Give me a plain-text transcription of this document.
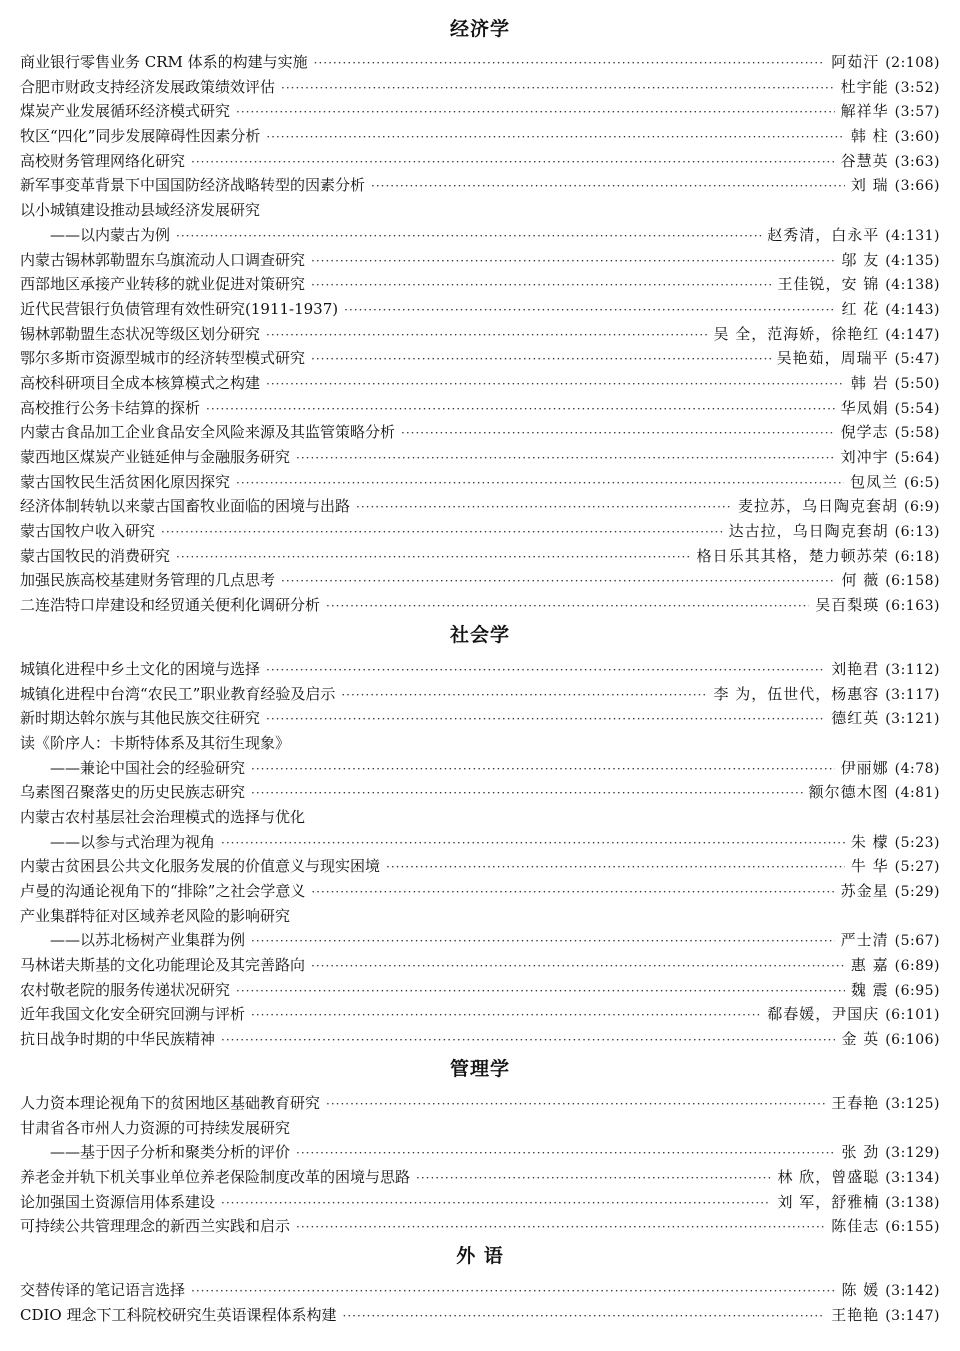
经济学
商业银行零售业务 CRM 体系的构建与实施 ·····	阿茹汗 (2:108)
合肥市财政支持经济发展政策绩效评估 ·····	杜宇能 (3:52)
煤炭产业发展循环经济模式研究 ·····	解祥华 (3:57)
牧区“四化”同步发展障碍性因素分析 ·····	韩 柱 (3:60)
高校财务管理网络化研究 ·····	谷慧英 (3:63)
新军事变革背景下中国国防经济战略转型的因素分析 ·····	刘 瑞 (3:66)
以小城镇建设推动县域经济发展研究
——以内蒙古为例 ·····	赵秀清，白永平 (4:131)
内蒙古锡林郭勒盟东乌旗流动人口调查研究 ·····	邬 友 (4:135)
西部地区承接产业转移的就业促进对策研究 ·····	王佳锐，安 锦 (4:138)
近代民营银行负债管理有效性研究(1911-1937) ·····	红 花 (4:143)
锡林郭勒盟生态状况等级区划分研究 ·····	吴 全，范海娇，徐艳红 (4:147)
鄂尔多斯市资源型城市的经济转型模式研究 ·····	吴艳茹，周瑞平 (5:47)
高校科研项目全成本核算模式之构建 ·····	韩 岩 (5:50)
高校推行公务卡结算的探析 ·····	华凤娟 (5:54)
内蒙古食品加工企业食品安全风险来源及其监管策略分析 ·····	倪学志 (5:58)
蒙西地区煤炭产业链延伸与金融服务研究 ·····	刘冲宇 (5:64)
蒙古国牧民生活贫困化原因探究 ·····	包凤兰 (6:5)
经济体制转轨以来蒙古国畜牧业面临的困境与出路 ·····	麦拉苏，乌日陶克套胡 (6:9)
蒙古国牧户收入研究 ·····	达古拉，乌日陶克套胡 (6:13)
蒙古国牧民的消费研究 ·····	格日乐其其格，楚力顿苏荣 (6:18)
加强民族高校基建财务管理的几点思考 ·····	何 薇 (6:158)
二连浩特口岸建设和经贸通关便利化调研分析 ·····	吴百梨瑛 (6:163)
社会学
城镇化进程中乡土文化的困境与选择 ·····	刘艳君 (3:112)
城镇化进程中台湾“农民工”职业教育经验及启示 ·····	李 为，伍世代，杨惠容 (3:117)
新时期达斡尔族与其他民族交往研究 ·····	德红英 (3:121)
读《阶序人：卡斯特体系及其衍生现象》
——兼论中国社会的经验研究 ·····	伊丽娜 (4:78)
乌素图召聚落史的历史民族志研究 ·····	额尔德木图 (4:81)
内蒙古农村基层社会治理模式的选择与优化
——以参与式治理为视角 ·····	朱 檬 (5:23)
内蒙古贫困县公共文化服务发展的价值意义与现实困境 ·····	牛 华 (5:27)
卢曼的沟通论视角下的“排除”之社会学意义 ·····	苏金星 (5:29)
产业集群特征对区域养老风险的影响研究
——以苏北杨树产业集群为例 ·····	严士清 (5:67)
马林诺夫斯基的文化功能理论及其完善路向 ·····	惠 嘉 (6:89)
农村敬老院的服务传递状况研究 ·····	魏 震 (6:95)
近年我国文化安全研究回溯与评析 ·····	郗春媛，尹国庆 (6:101)
抗日战争时期的中华民族精神 ·····	金 英 (6:106)
管理学
人力资本理论视角下的贫困地区基础教育研究 ·····	王春艳 (3:125)
甘肃省各市州人力资源的可持续发展研究
——基于因子分析和聚类分析的评价 ·····	张 劲 (3:129)
养老金并轨下机关事业单位养老保险制度改革的困境与思路 ·····	林 欣，曾盛聪 (3:134)
论加强国土资源信用体系建设 ·····	刘 军，舒雅楠 (3:138)
可持续公共管理理念的新西兰实践和启示 ·····	陈佳志 (6:155)
外 语
交替传译的笔记语言选择 ·····	陈 媛 (3:142)
CDIO 理念下工科院校研究生英语课程体系构建 ·····	王艳艳 (3:147)
